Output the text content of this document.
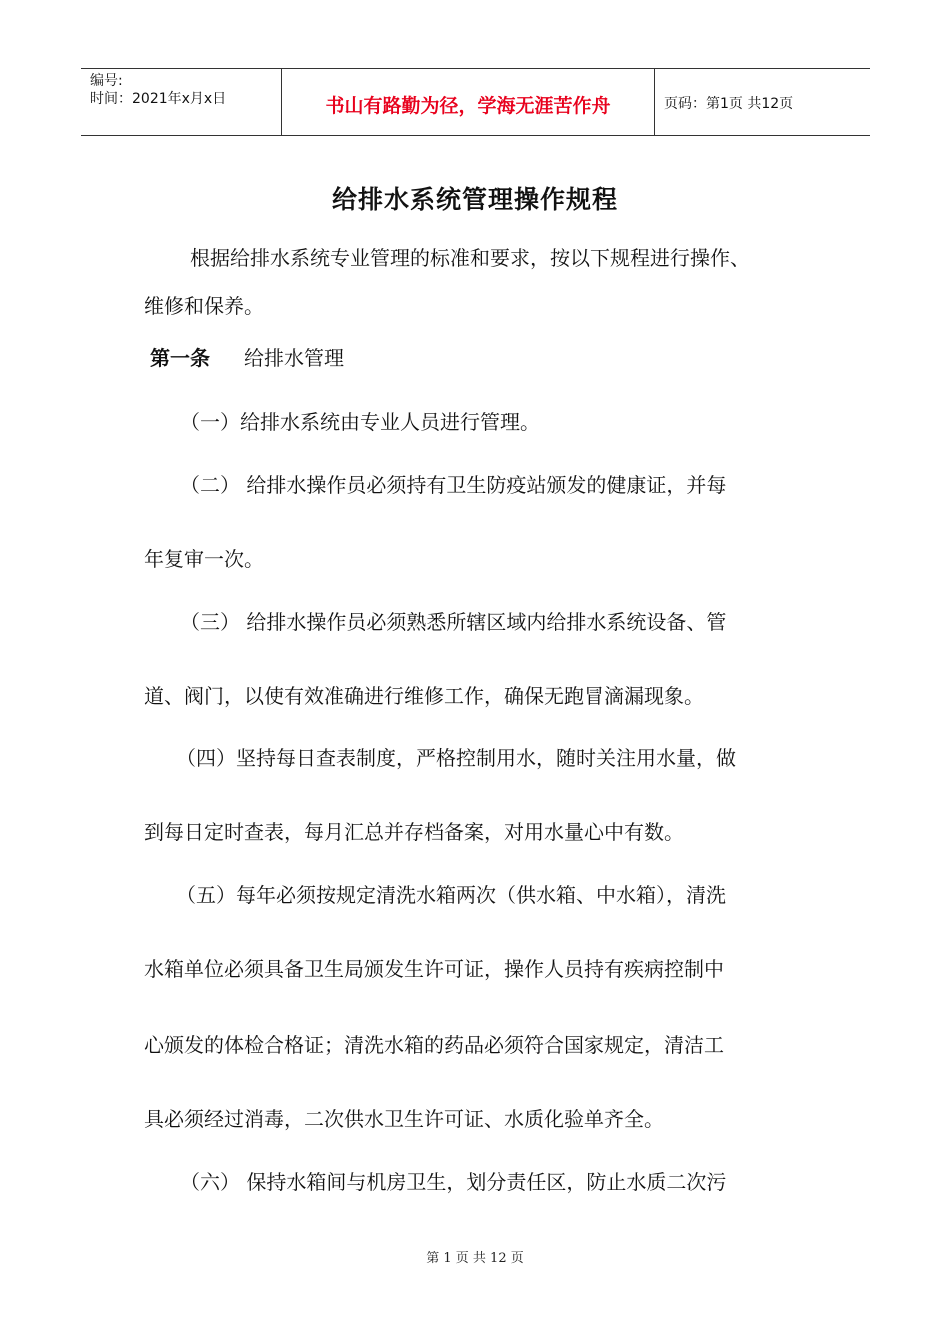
编号:
时间：2021年x月x日	书山有路勤为径，学海无涯苦作舟	页码：第1页 共12页
给排水系统管理操作规程
根据给排水系统专业管理的标准和要求，按以下规程进行操作、
维修和保养。
第一条 给排水管理
（一）给排水系统由专业人员进行管理。
（二） 给排水操作员必须持有卫生防疫站颁发的健康证，并每
年复审一次。
（三） 给排水操作员必须熟悉所辖区域内给排水系统设备、管
道、阀门，以使有效准确进行维修工作，确保无跑冒滴漏现象。
（四）坚持每日查表制度，严格控制用水，随时关注用水量，做
到每日定时查表，每月汇总并存档备案，对用水量心中有数。
（五）每年必须按规定清洗水箱两次（供水箱、中水箱），清洗
水箱单位必须具备卫生局颁发生许可证，操作人员持有疾病控制中
心颁发的体检合格证；清洗水箱的药品必须符合国家规定，清洁工
具必须经过消毒，二次供水卫生许可证、水质化验单齐全。
（六） 保持水箱间与机房卫生，划分责任区，防止水质二次污
第 1 页 共 12 页
